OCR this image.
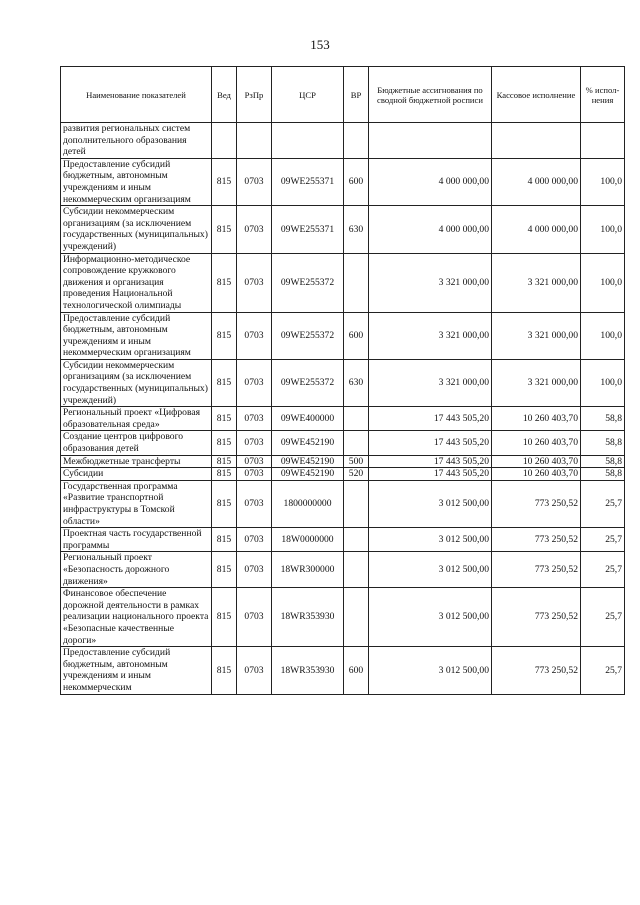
153
Наименование показателей	Вед	РзПр	ЦСР	ВР	Бюджетные ассигнования по сводной бюджетной росписи	Кассовое исполнение	% испол-нения
развития региональных систем дополнительного образования детей							
Предоставление субсидий бюджетным, автономным учреждениям и иным некоммерческим организациям	815	0703	09WE255371	600	4 000 000,00	4 000 000,00	100,0
Субсидии некоммерческим организациям (за исключением государственных (муниципальных) учреждений)	815	0703	09WE255371	630	4 000 000,00	4 000 000,00	100,0
Информационно-методическое сопровождение кружкового движения и организация проведения Национальной технологической олимпиады	815	0703	09WE255372		3 321 000,00	3 321 000,00	100,0
Предоставление субсидий бюджетным, автономным учреждениям и иным некоммерческим организациям	815	0703	09WE255372	600	3 321 000,00	3 321 000,00	100,0
Субсидии некоммерческим организациям (за исключением государственных (муниципальных) учреждений)	815	0703	09WE255372	630	3 321 000,00	3 321 000,00	100,0
Региональный проект «Цифровая образовательная среда»	815	0703	09WE400000		17 443 505,20	10 260 403,70	58,8
Создание центров цифрового образования детей	815	0703	09WE452190		17 443 505,20	10 260 403,70	58,8
Межбюджетные трансферты	815	0703	09WE452190	500	17 443 505,20	10 260 403,70	58,8
Субсидии	815	0703	09WE452190	520	17 443 505,20	10 260 403,70	58,8
Государственная программа «Развитие транспортной инфраструктуры в Томской области»	815	0703	1800000000		3 012 500,00	773 250,52	25,7
Проектная часть государственной программы	815	0703	18W0000000		3 012 500,00	773 250,52	25,7
Региональный проект «Безопасность дорожного движения»	815	0703	18WR300000		3 012 500,00	773 250,52	25,7
Финансовое обеспечение дорожной деятельности в рамках реализации национального проекта «Безопасные качественные дороги»	815	0703	18WR353930		3 012 500,00	773 250,52	25,7
Предоставление субсидий бюджетным, автономным учреждениям и иным некоммерческим	815	0703	18WR353930	600	3 012 500,00	773 250,52	25,7
